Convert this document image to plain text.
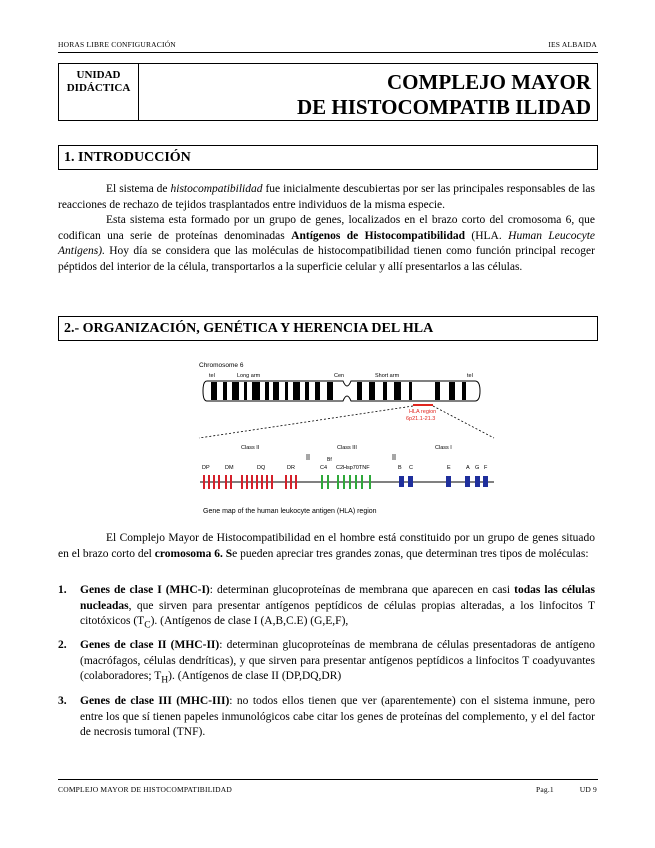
HORAS LIBRE CONFIGURACIÓN	IES ALBAIDA
UNIDAD
DIDÁCTICA	COMPLEJO MAYOR
DE HISTOCOMPATIB ILIDAD
1. INTRODUCCIÓN

El sistema de histocompatibilidad fue inicialmente descubiertas por ser las principales responsables de las reacciones de rechazo de tejidos trasplantados entre individuos de la misma especie.

Esta sistema esta formado por un grupo de genes, localizados en el brazo corto del cromosoma 6, que codifican una serie de proteínas denominadas Antígenos de Histocompatibilidad (HLA. Human Leucocyte Antigens). Hoy día se considera que las moléculas de histocompatibilidad tienen como función principal recoger péptidos del interior de la célula, transportarlos a la superficie celular y allí presentarlos a las células.

2.- ORGANIZACIÓN, GENÉTICA Y HERENCIA DEL HLA
Chromosome 6
tel	Long arm	Cen	Short arm	tel
HLA region
6p21.1-21.3
Class II	Class III	Class I
Bf
DP	DM	DQ	DR	C4 C2Hsp70TNF	B C	E	A G F
Gene map of the human leukocyte antigen (HLA) region

El Complejo Mayor de Histocompatibilidad en el hombre está constituido por un grupo de genes situado en el brazo corto del cromosoma 6. Se pueden apreciar tres grandes zonas, que determinan tres tipos de moléculas:

1. Genes de clase I (MHC-I): determinan glucoproteínas de membrana que aparecen en casi todas las células nucleadas, que sirven para presentar antígenos peptídicos de células propias alteradas, a los linfocitos T citotóxicos $(T_C)$. (Antígenos de clase I (A,B,C.E) (G,E,F),
2. Genes de clase II (MHC-II): determinan glucoproteínas de membrana de células presentadoras de antígeno (macrófagos, células dendríticas), y que sirven para presentar antígenos peptídicos a linfocitos T coadyuvantes (colaboradores; $T_H$). (Antígenos de clase II (DP,DQ,DR)
3. Genes de clase III (MHC-III): no todos ellos tienen que ver (aparentemente) con el sistema inmune, pero entre los que sí tienen papeles inmunológicos cabe citar los genes de proteínas del complemento, y el del factor de necrosis tumoral (TNF).
COMPLEJO MAYOR DE HISTOCOMPATIBILIDAD	Pag.1	UD 9
